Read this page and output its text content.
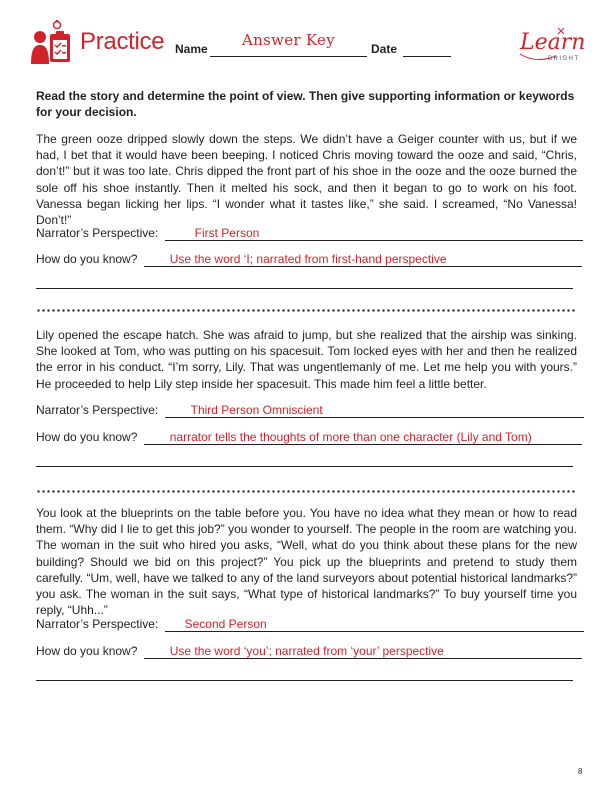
Practice Name	Answer Key	Date	Learn
BRIGHT
Read the story and determine the point of view. Then give supporting information or keywords for your decision.
The green ooze dripped slowly down the steps. We didn’t have a Geiger counter with us, but if we had, I bet that it would have been beeping. I noticed Chris moving toward the ooze and said, “Chris, don’t!” but it was too late. Chris dipped the front part of his shoe in the ooze and the ooze burned the sole off his shoe instantly. Then it melted his sock, and then it began to go to work on his foot. Vanessa began licking her lips. “I wonder what it tastes like,” she said. I screamed, “No Vanessa! Don’t!”
Narrator’s Perspective:	First Person
How do you know?	Use the word ‘I; narrated from first-hand perspective
Lily opened the escape hatch. She was afraid to jump, but she realized that the airship was sinking. She looked at Tom, who was putting on his spacesuit. Tom locked eyes with her and then he realized the error in his conduct. “I’m sorry, Lily. That was ungentlemanly of me. Let me help you with yours.” He proceeded to help Lily step inside her spacesuit. This made him feel a little better.
Narrator’s Perspective:	Third Person Omniscient
How do you know?	narrator tells the thoughts of more than one character (Lily and Tom)
You look at the blueprints on the table before you. You have no idea what they mean or how to read them. “Why did I lie to get this job?” you wonder to yourself. The people in the room are watching you. The woman in the suit who hired you asks, “Well, what do you think about these plans for the new building? Should we bid on this project?” You pick up the blueprints and pretend to study them carefully. “Um, well, have we talked to any of the land surveyors about potential historical landmarks?” you ask. The woman in the suit says, “What type of historical landmarks?” To buy yourself time you reply, “Uhh...”
Narrator’s Perspective: Second Person
How do you know?	Use the word ‘you’; narrated from ‘your’ perspective
8
